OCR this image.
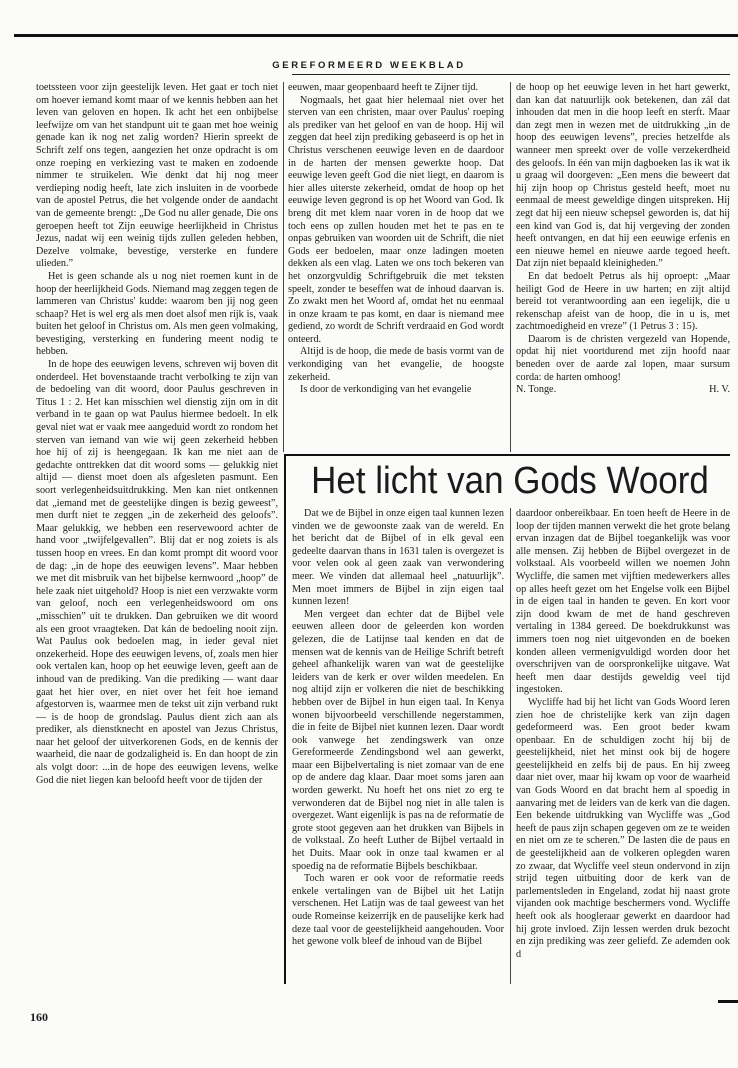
GEREFORMEERD WEEKBLAD

toetssteen voor zijn geestelijk leven. Het gaat er toch niet om hoever iemand komt maar of we kennis hebben aan het leven van geloven en hopen. Ik acht het een onbijbelse leefwijze om van het standpunt uit te gaan met hoe weinig genade kan ik nog net zalig worden? Hierin spreekt de Schrift zelf ons tegen, aangezien het onze opdracht is om onze roeping en verkiezing vast te maken en zodoende nimmer te struikelen. Wie denkt dat hij nog meer verdieping nodig heeft, late zich insluiten in de voorbede van de apostel Petrus, die het volgende onder de aandacht van de gemeente brengt: „De God nu aller genade, Die ons geroepen heeft tot Zijn eeuwige heerlijkheid in Christus Jezus, nadat wij een weinig tijds zullen geleden hebben, Dezelve volmake, bevestige, versterke en fundere ulieden.”

Het is geen schande als u nog niet roemen kunt in de hoop der heerlijkheid Gods. Niemand mag zeggen tegen de lammeren van Christus' kudde: waarom ben jij nog geen schaap? Het is wel erg als men doet alsof men rijk is, vaak buiten het geloof in Christus om. Als men geen volmaking, bevestiging, versterking en fundering meent nodig te hebben.

In de hope des eeuwigen levens, schreven wij boven dit onderdeel. Het bovenstaande tracht verbolking te zijn van de bedoeling van dit woord, door Paulus geschreven in Titus 1 : 2. Het kan misschien wel dienstig zijn om in dit verband in te gaan op wat Paulus hiermee bedoelt. In elk geval niet wat er vaak mee aangeduid wordt zo rondom het sterven van iemand van wie wij geen zekerheid hebben hoe hij of zij is heengegaan. Ik kan me niet aan de gedachte onttrekken dat dit woord soms — gelukkig niet altijd — dienst moet doen als afgesleten pasmunt. Een soort verlegenheidsuitdrukking. Men kan niet ontkennen dat „iemand met de geestelijke dingen is bezig geweest”, men durft niet te zeggen „in de zekerheid des geloofs”. Maar gelukkig, we hebben een reservewoord achter de hand voor „twijfelgevallen”. Blij dat er nog zoiets is als tussen hoop en vrees. En dan komt prompt dit woord voor de dag: „in de hope des eeuwigen levens”. Maar hebben we met dit misbruik van het bijbelse kernwoord „hoop” de hele zaak niet uitgehold? Hoop is niet een verzwakte vorm van geloof, noch een verlegenheidswoord om ons „misschien” uit te drukken. Dan gebruiken we dit woord als een groot vraagteken. Dat kán de bedoeling nooit zijn. Wat Paulus ook bedoelen mag, in ieder geval niet onzekerheid. Hope des eeuwigen levens, of, zoals men hier ook vertalen kan, hoop op het eeuwige leven, geeft aan de inhoud van de prediking. Van die prediking — want daar gaat het hier over, en niet over het feit hoe iemand afgestorven is, waarmee men de tekst uit zijn verband rukt — is de hoop de grondslag. Paulus dient zich aan als prediker, als dienstknecht en apostel van Jezus Christus, naar het geloof der uitverkorenen Gods, en de kennis der waarheid, die naar de godzaligheid is. En dan hoopt de zin als volgt door: ...in de hope des eeuwigen levens, welke God die niet liegen kan beloofd heeft voor de tijden der

eeuwen, maar geopenbaard heeft te Zijner tijd.

Nogmaals, het gaat hier helemaal niet over het sterven van een christen, maar over Paulus' roeping als prediker van het geloof en van de hoop. Hij wil zeggen dat heel zijn prediking gebaseerd is op het in Christus verschenen eeuwige leven en de daardoor in de harten der mensen gewerkte hoop. Dat eeuwige leven geeft God die niet liegt, en daarom is hier alles uiterste zekerheid, omdat de hoop op het eeuwige leven gegrond is op het Woord van God. Ik breng dit met klem naar voren in de hoop dat we toch eens op zullen houden met het te pas en te onpas gebruiken van woorden uit de Schrift, die niet Gods eer bedoelen, maar onze ladingen moeten dekken als een vlag. Laten we ons toch bekeren van het onzorgvuldig Schriftgebruik die met teksten speelt, zonder te beseffen wat de inhoud daarvan is. Zo zwakt men het Woord af, omdat het nu eenmaal in onze kraam te pas komt, en daar is niemand mee gediend, zo wordt de Schrift verdraaid en God wordt onteerd.

Altijd is de hoop, die mede de basis vormt van de verkondiging van het evangelie, de hoogste zekerheid.

Is door de verkondiging van het evangelie

de hoop op het eeuwige leven in het hart gewerkt, dan kan dat natuurlijk ook betekenen, dan zál dat inhouden dat men in die hoop leeft en sterft. Maar dan zegt men in wezen met de uitdrukking „in de hoop des eeuwigen levens”, precies hetzelfde als wanneer men spreekt over de volle verzekerdheid des geloofs. In één van mijn dagboeken las ik wat ik u graag wil doorgeven: „Een mens die beweert dat hij zijn hoop op Christus gesteld heeft, moet nu eenmaal de meest geweldige dingen uitspreken. Hij zegt dat hij een nieuw schepsel geworden is, dat hij een kind van God is, dat hij vergeving der zonden heeft ontvangen, en dat hij een eeuwige erfenis en een nieuwe hemel en nieuwe aarde tegoed heeft. Dat zijn niet bepaald kleinigheden.”

En dat bedoelt Petrus als hij oproept: „Maar heiligt God de Heere in uw harten; en zijt altijd bereid tot verantwoording aan een iegelijk, die u rekenschap afeist van de hoop, die in u is, met zachtmoedigheid en vreze” (1 Petrus 3 : 15).

Daarom is de christen vergezeld van Hopende, opdat hij niet voortdurend met zijn hoofd naar beneden over de aarde zal lopen, maar sursum corda: de harten omhoog!

N. Tonge.	H. V.
Het licht van Gods Woord

Dat we de Bijbel in onze eigen taal kunnen lezen vinden we de gewoonste zaak van de wereld. En het bericht dat de Bijbel of in elk geval een gedeelte daarvan thans in 1631 talen is overgezet is voor velen ook al geen zaak van verwondering meer. We vinden dat allemaal heel „natuurlijk”. Men moet immers de Bijbel in zijn eigen taal kunnen lezen!

Men vergeet dan echter dat de Bijbel vele eeuwen alleen door de geleerden kon worden gelezen, die de Latijnse taal kenden en dat de mensen wat de kennis van de Heilige Schrift betreft geheel afhankelijk waren van wat de geestelijke leiders van de kerk er over wilden meedelen. En nog altijd zijn er volkeren die niet de beschikking hebben over de Bijbel in hun eigen taal. In Kenya wonen bijvoorbeeld verschillende negerstammen, die in feite de Bijbel niet kunnen lezen. Daar wordt ook vanwege het zendingswerk van onze Gereformeerde Zendingsbond wel aan gewerkt, maar een Bijbelvertaling is niet zomaar van de ene op de andere dag klaar. Daar moet soms jaren aan worden gewerkt. Nu hoeft het ons niet zo erg te verwonderen dat de Bijbel nog niet in alle talen is overgezet. Want eigenlijk is pas na de reformatie de grote stoot gegeven aan het drukken van Bijbels in de volkstaal. Zo heeft Luther de Bijbel vertaald in het Duits. Maar ook in onze taal kwamen er al spoedig na de reformatie Bijbels beschikbaar.

Toch waren er ook voor de reformatie reeds enkele vertalingen van de Bijbel uit het Latijn verschenen. Het Latijn was de taal geweest van het oude Romeinse keizerrijk en de pauselijke kerk had deze taal voor de geestelijkheid aangehouden. Voor het gewone volk bleef de inhoud van de Bijbel

daardoor onbereikbaar. En toen heeft de Heere in de loop der tijden mannen verwekt die het grote belang ervan inzagen dat de Bijbel toegankelijk was voor alle mensen. Zij hebben de Bijbel overgezet in de volkstaal. Als voorbeeld willen we noemen John Wycliffe, die samen met vijftien medewerkers alles op alles heeft gezet om het Engelse volk een Bijbel in de eigen taal in handen te geven. En kort voor zijn dood kwam de met de hand geschreven vertaling in 1384 gereed. De boekdrukkunst was immers toen nog niet uitgevonden en de boeken konden alleen vermenigvuldigd worden door het overschrijven van de oorspronkelijke uitgave. Wat heeft men daar destijds geweldig veel tijd ingestoken.

Wycliffe had bij het licht van Gods Woord leren zien hoe de christelijke kerk van zijn dagen gedeformeerd was. Een groot beder kwam openbaar. En de schuldigen zocht hij bij de geestelijkheid, niet het minst ook bij de hogere geestelijkheid en zelfs bij de paus. En hij zweeg daar niet over, maar hij kwam op voor de waarheid van Gods Woord en dat bracht hem al spoedig in aanvaring met de leiders van de kerk van die dagen. Een bekende uitdrukking van Wycliffe was „God heeft de paus zijn schapen gegeven om ze te weiden en niet om ze te scheren.” De lasten die de paus en de geestelijkheid aan de volkeren oplegden waren zo zwaar, dat Wycliffe veel steun ondervond in zijn strijd tegen uitbuiting door de kerk van de parlementsleden in Engeland, zodat hij naast grote vijanden ook machtige beschermers vond. Wycliffe heeft ook als hoogleraar gewerkt en daardoor had hij grote invloed. Zijn lessen werden druk bezocht en zijn prediking was zeer geliefd. Ze ademden ook d

160
